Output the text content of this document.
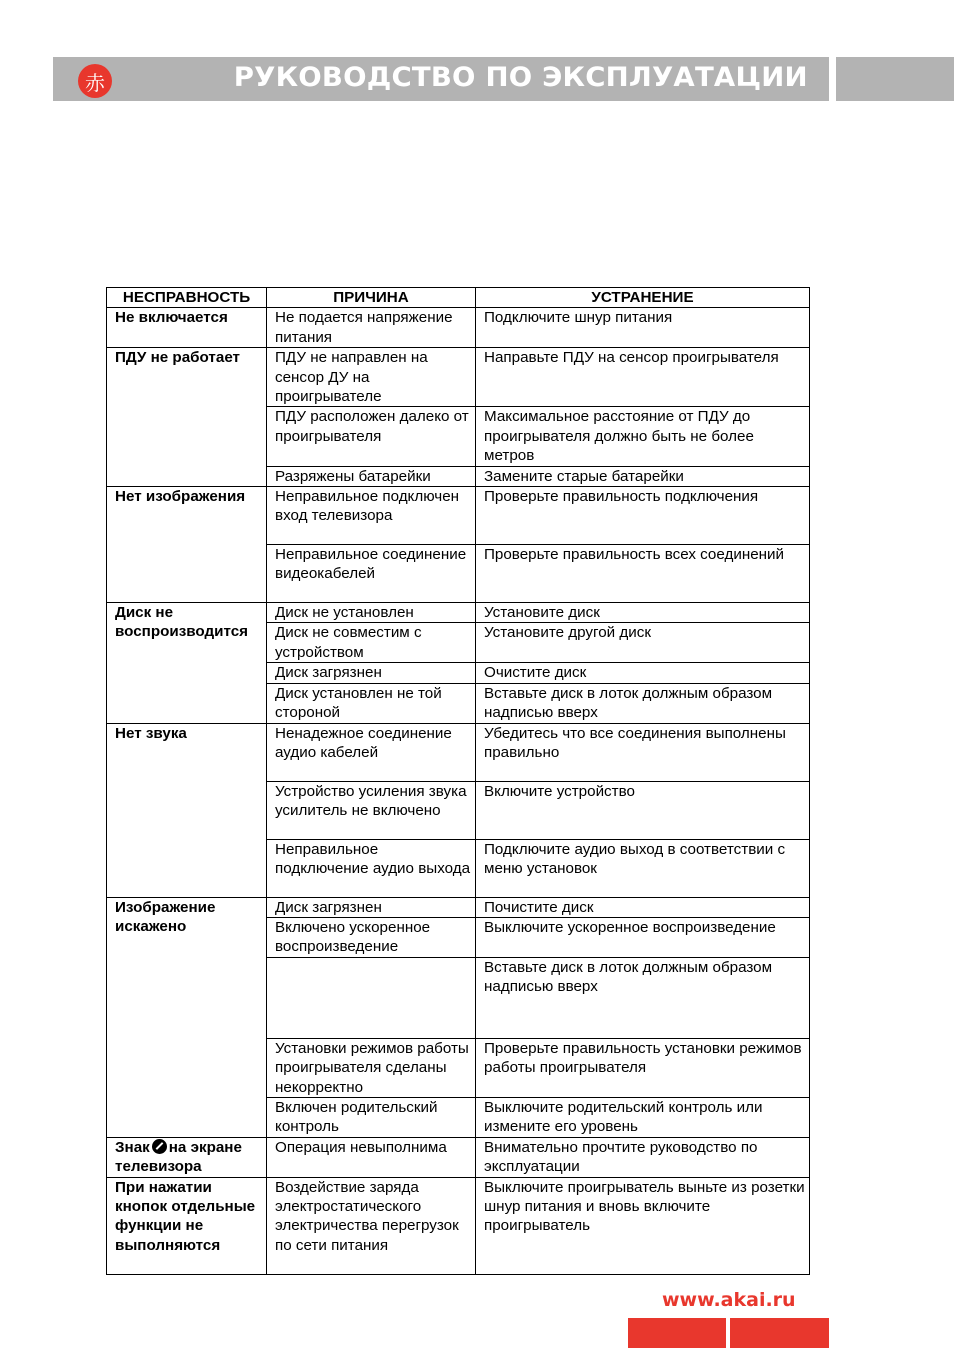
赤	РУКОВОДСТВО ПО ЭКСПЛУАТАЦИИ
НЕСПРАВНОСТЬ	ПРИЧИНА	УСТРАНЕНИЕ
Не включается	Не подается напряжение питания	Подключите шнур питания
ПДУ не работает	ПДУ не направлен на сенсор ДУ на проигрывателе	Направьте ПДУ на сенсор проигрывателя
	ПДУ расположен далеко от проигрывателя	Максимальное расстояние от ПДУ до проигрывателя должно быть не более метров
	Разряжены батарейки	Замените старые батарейки
Нет изображения	Неправильное подключен вход телевизора	Проверьте правильность подключения
	Неправильное соединение видеокабелей	Проверьте правильность всех соединений
Диск не воспроизводится	Диск не установлен	Установите диск
	Диск не совместим с устройством	Установите другой диск
	Диск загрязнен	Очистите диск
	Диск установлен не той стороной	Вставьте диск в лоток должным образом надписью вверх
Нет звука	Ненадежное соединение аудио кабелей	Убедитесь что все соединения выполнены правильно
	Устройство усиления звука усилитель не включено	Включите устройство
	Неправильное подключение аудио выхода	Подключите аудио выход в соответствии с меню установок
Изображение искажено	Диск загрязнен	Почистите диск
	Включено ускоренное воспроизведение	Выключите ускоренное воспроизведение
		Вставьте диск в лоток должным образом надписью вверх
	Установки режимов работы проигрывателя сделаны некорректно	Проверьте правильность установки режимов работы проигрывателя
	Включен родительский контроль	Выключите родительский контроль или измените его уровень
Знак на экране телевизора	Операция невыполнима	Внимательно прочтите руководство по эксплуатации
При нажатии кнопок отдельные функции не выполняются	Воздействие заряда электростатического электричества перегрузок по сети питания	Выключите проигрыватель выньте из розетки шнур питания и вновь включите проигрыватель
www.akai.ru
